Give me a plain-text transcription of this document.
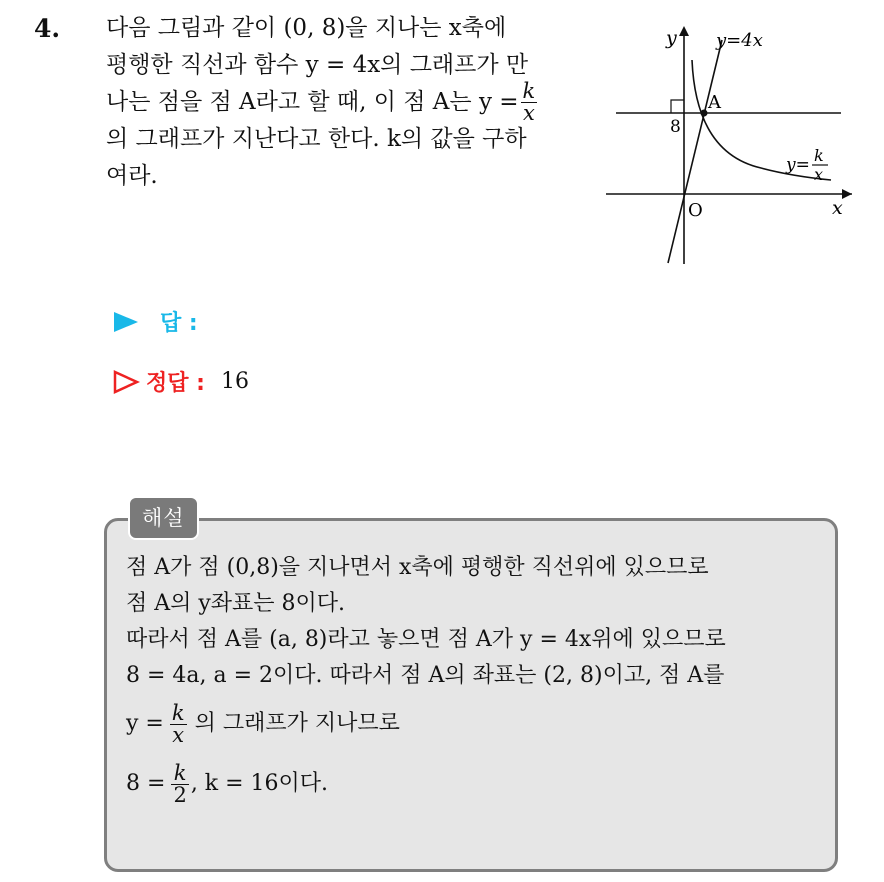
4. 다음 그림과 같이 (0, 8)을 지나는 x축에
평행한 직선과 함수 y = 4x의 그래프가 만
나는 점을 점 A라고 할 때, 이 점 A는 $y = \frac{k}{x}$
의 그래프가 지난다고 한다. k의 값을 구하
여라.
y
x
O
A
8
y=4x
y= k
x
답 :
정답 : 16
해설
점 A가 점 (0,8)을 지나면서 x축에 평행한 직선위에 있으므로
점 A의 y좌표는 8이다.
따라서 점 A를 (a, 8)라고 놓으면 점 A가 y = 4x위에 있으므로
8 = 4a, a = 2이다. 따라서 점 A의 좌표는 (2, 8)이고, 점 A를
$y = \frac{k}{x}$ 의 그래프가 지나므로
$8 = \frac{k}{2}$ , k = 16이다.
